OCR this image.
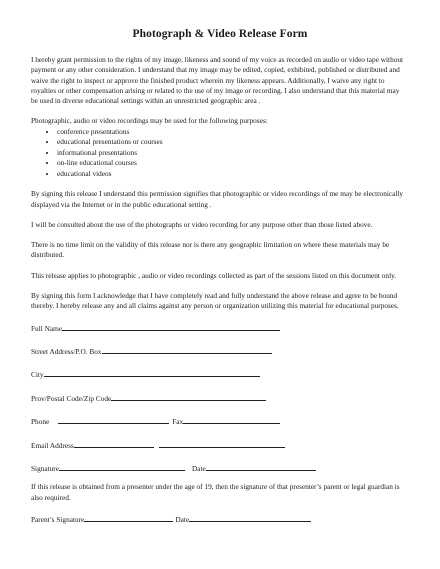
Photograph & Video Release Form

I hereby grant permission to the rights of my image, likeness and sound of my voice as recorded on audio or video tape without payment or any other consideration. I understand that my image may be edited, copied, exhibited, published or distributed and waive the right to inspect or approve the finished product wherein my likeness appears. Additionally, I waive any right to royalties or other compensation arising or related to the use of my image or recording. I also understand that this material may be used in diverse educational settings within an unrestricted geographic area .

Photographic, audio or video recordings may be used for the following purposes:

• conference presentations
• educational presentations or courses
• informational presentations
• on-line educational courses
• educational videos

By signing this release I understand this permission signifies that photographic or video recordings of me may be electronically displayed via the Internet or in the public educational setting .

I will be consulted about the use of the photographs or video recording for any purpose other than those listed above.

There is no time limit on the validity of this release nor is there any geographic limitation on where these materials may be distributed.

This release applies to photographic , audio or video recordings collected as part of the sessions listed on this document only.

By signing this form I acknowledge that I have completely read and fully understand the above release and agree to be bound thereby. I hereby release any and all claims against any person or organization utilizing this material for educational purposes.

Full Name
Street Address/P.O. Box
City
Prov/Postal Code/Zip Code
Phone	Fax
Email Address
Signature	Date

If this release is obtained from a presenter under the age of 19, then the signature of that presenter’s parent or legal guardian is also required.

Parent’s Signature	Date
